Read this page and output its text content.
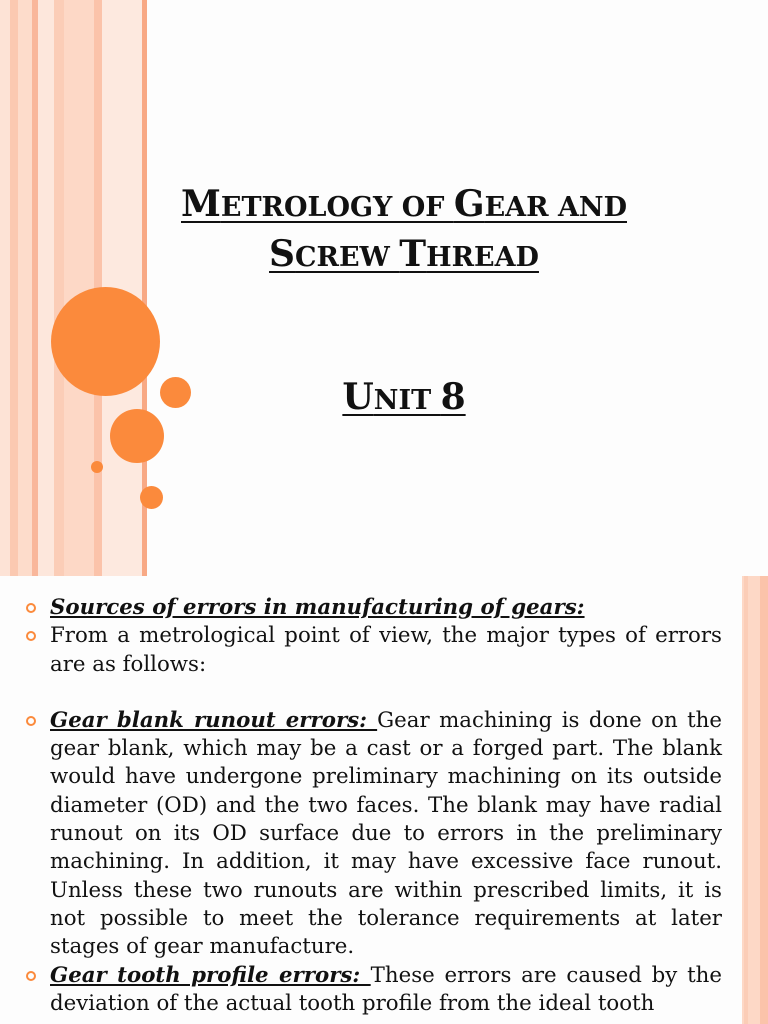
METROLOGY OF GEAR AND
SCREW THREAD
UNIT 8
Sources of errors in manufacturing of gears:
From a metrological point of view, the major types of errors are as follows:
Gear blank runout errors: Gear machining is done on the gear blank, which may be a cast or a forged part. The blank would have undergone preliminary machining on its outside diameter (OD) and the two faces. The blank may have radial runout on its OD surface due to errors in the preliminary machining. In addition, it may have excessive face runout. Unless these two runouts are within prescribed limits, it is not possible to meet the tolerance requirements at later stages of gear manufacture.
Gear tooth profile errors: These errors are caused by the deviation of the actual tooth profile from the ideal tooth
